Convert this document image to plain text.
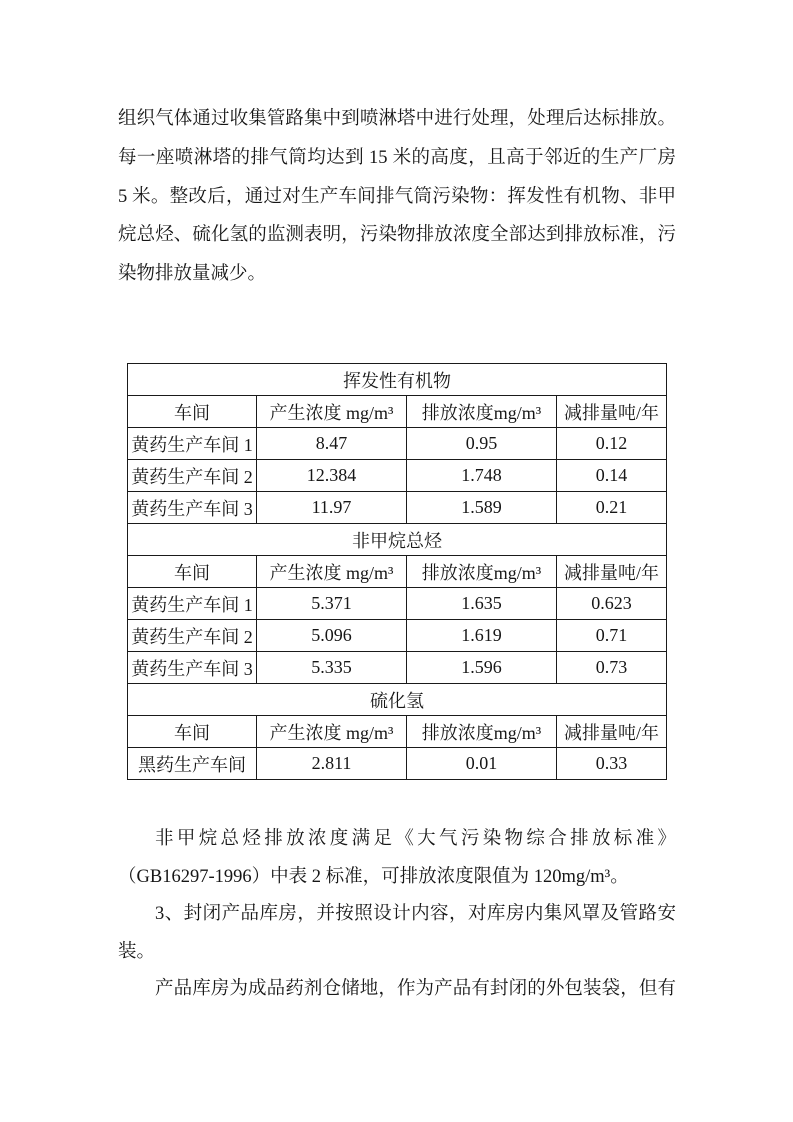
组织气体通过收集管路集中到喷淋塔中进行处理，处理后达标排放。
每一座喷淋塔的排气筒均达到 15 米的高度，且高于邻近的生产厂房
5 米。整改后，通过对生产车间排气筒污染物：挥发性有机物、非甲
烷总烃、硫化氢的监测表明，污染物排放浓度全部达到排放标准，污
染物排放量减少。
挥发性有机物			
车间	产生浓度 mg/m³	排放浓度mg/m³	减排量吨/年
黄药生产车间 1	8.47	0.95	0.12
黄药生产车间 2	12.384	1.748	0.14
黄药生产车间 3	11.97	1.589	0.21
非甲烷总烃			
车间	产生浓度 mg/m³	排放浓度mg/m³	减排量吨/年
黄药生产车间 1	5.371	1.635	0.623
黄药生产车间 2	5.096	1.619	0.71
黄药生产车间 3	5.335	1.596	0.73
硫化氢			
车间	产生浓度 mg/m³	排放浓度mg/m³	减排量吨/年
黑药生产车间	2.811	0.01	0.33
非甲烷总烃排放浓度满足《大气污染物综合排放标准》
（GB16297-1996）中表 2 标准，可排放浓度限值为 120mg/m³。
3、封闭产品库房，并按照设计内容，对库房内集风罩及管路安
装。
产品库房为成品药剂仓储地，作为产品有封闭的外包装袋，但有
